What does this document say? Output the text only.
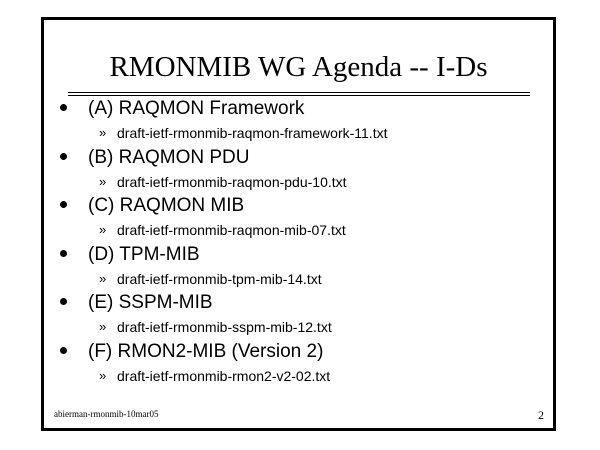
RMONMIB WG Agenda -- I-Ds
(A) RAQMON Framework
» draft-ietf-rmonmib-raqmon-framework-11.txt
(B) RAQMON PDU
» draft-ietf-rmonmib-raqmon-pdu-10.txt
(C) RAQMON MIB
» draft-ietf-rmonmib-raqmon-mib-07.txt
(D) TPM-MIB
» draft-ietf-rmonmib-tpm-mib-14.txt
(E) SSPM-MIB
» draft-ietf-rmonmib-sspm-mib-12.txt
(F) RMON2-MIB (Version 2)
» draft-ietf-rmonmib-rmon2-v2-02.txt
abierman-rmonmib-10mar05	2
